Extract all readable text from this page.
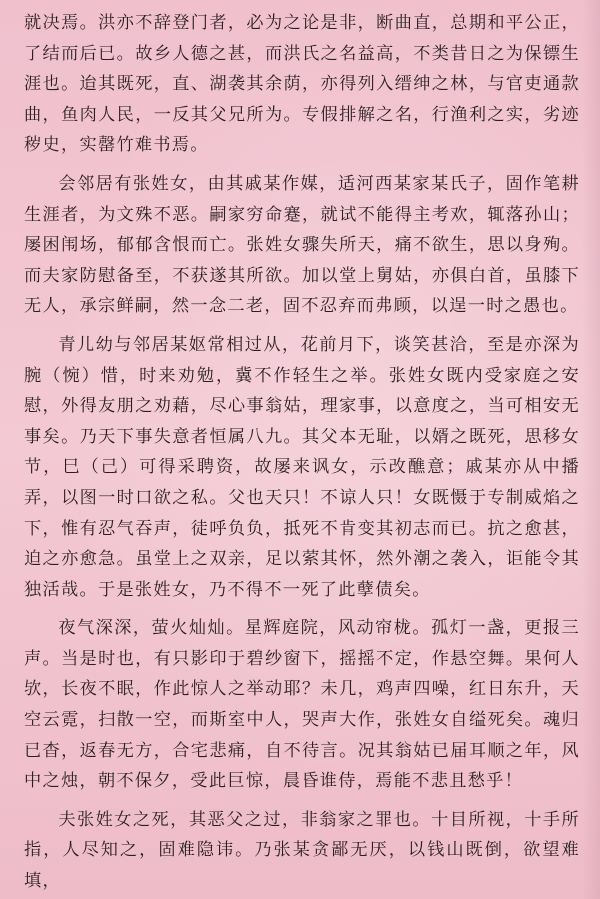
就决焉。洪亦不辞登门者，必为之论是非，断曲直，总期和平公正，了结而后已。故乡人德之甚，而洪氏之名益高，不类昔日之为保镖生涯也。迨其既死，直、湖袭其余荫，亦得列入缙绅之林，与官吏通款曲，鱼肉人民，一反其父兄所为。专假排解之名，行渔利之实，劣迹秽史，实罄竹难书焉。

会邻居有张姓女，由其戚某作媒，适河西某家某氏子，固作笔耕生涯者，为文殊不恶。嗣家穷命蹇，就试不能得主考欢，辄落孙山；屡困闱场，郁郁含恨而亡。张姓女骤失所天，痛不欲生，思以身殉。而夫家防慰备至，不获遂其所欲。加以堂上舅姑，亦俱白首，虽膝下无人，承宗鲜嗣，然一念二老，固不忍弃而弗顾，以逞一时之愚也。

青儿幼与邻居某妪常相过从，花前月下，谈笑甚洽，至是亦深为腕（惋）惜，时来劝勉，冀不作轻生之举。张姓女既内受家庭之安慰，外得友朋之劝藉，尽心事翁姑，理家事，以意度之，当可相安无事矣。乃天下事失意者恒属八九。其父本无耻，以婿之既死，思移女节，巳（己）可得采聘资，故屡来讽女，示改醮意；戚某亦从中播弄，以图一时口欲之私。父也天只！不谅人只！女既慑于专制威焰之下，惟有忍气吞声，徒呼负负，抵死不肯变其初志而已。抗之愈甚，迫之亦愈急。虽堂上之双亲，足以萦其怀，然外潮之袭入，讵能令其独活哉。于是张姓女，乃不得不一死了此孽债矣。

夜气深深，萤火灿灿。星辉庭院，风动帘栊。孤灯一盏，更报三声。当是时也，有只影印于碧纱窗下，摇摇不定，作悬空舞。果何人欤，长夜不眠，作此惊人之举动耶？未几，鸡声四噪，红日东升，天空云霓，扫散一空，而斯室中人，哭声大作，张姓女自缢死矣。魂归已杳，返春无方，合宅悲痛，自不待言。况其翁姑已届耳顺之年，风中之烛，朝不保夕，受此巨惊，晨昏谁侍，焉能不悲且愁乎！

夫张姓女之死，其恶父之过，非翁家之罪也。十目所视，十手所指，人尽知之，固难隐讳。乃张某贪鄙无厌，以钱山既倒，欲望难填，
